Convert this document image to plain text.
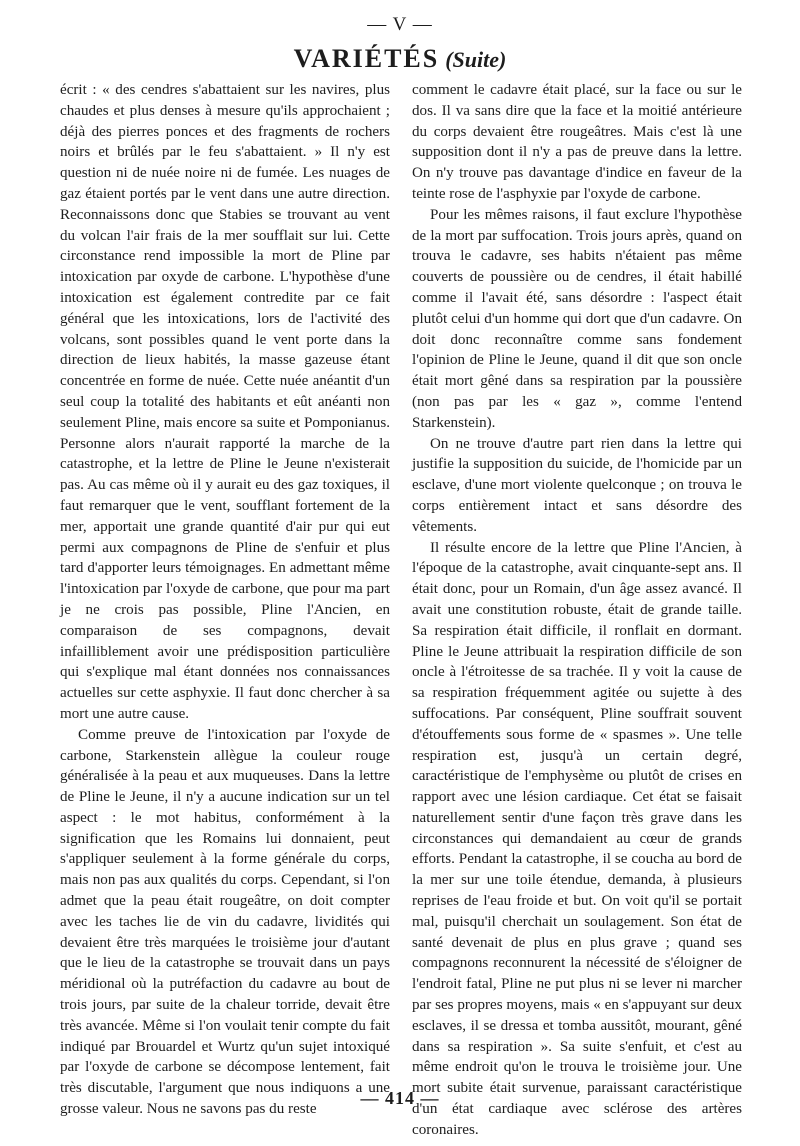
— V —
VARIÉTÉS (Suite)

écrit : « des cendres s'abattaient sur les navires, plus chaudes et plus denses à mesure qu'ils approchaient ; déjà des pierres ponces et des fragments de rochers noirs et brûlés par le feu s'abattaient. » Il n'y est question ni de nuée noire ni de fumée. Les nuages de gaz étaient portés par le vent dans une autre direction. Reconnaissons donc que Stabies se trouvant au vent du volcan l'air frais de la mer soufflait sur lui. Cette circonstance rend impossible la mort de Pline par intoxication par oxyde de carbone. L'hypothèse d'une intoxication est également contredite par ce fait général que les intoxications, lors de l'activité des volcans, sont possibles quand le vent porte dans la direction de lieux habités, la masse gazeuse étant concentrée en forme de nuée. Cette nuée anéantit d'un seul coup la totalité des habitants et eût anéanti non seulement Pline, mais encore sa suite et Pomponianus. Personne alors n'aurait rapporté la marche de la catastrophe, et la lettre de Pline le Jeune n'existerait pas. Au cas même où il y aurait eu des gaz toxiques, il faut remarquer que le vent, soufflant fortement de la mer, apportait une grande quantité d'air pur qui eut permi aux compagnons de Pline de s'enfuir et plus tard d'apporter leurs témoignages. En admettant même l'intoxication par l'oxyde de carbone, que pour ma part je ne crois pas possible, Pline l'Ancien, en comparaison de ses compagnons, devait infailliblement avoir une prédisposition particulière qui s'explique mal étant données nos connaissances actuelles sur cette asphyxie. Il faut donc chercher à sa mort une autre cause.

Comme preuve de l'intoxication par l'oxyde de carbone, Starkenstein allègue la couleur rouge généralisée à la peau et aux muqueuses. Dans la lettre de Pline le Jeune, il n'y a aucune indication sur un tel aspect : le mot habitus, conformément à la signification que les Romains lui donnaient, peut s'appliquer seulement à la forme générale du corps, mais non pas aux qualités du corps. Cependant, si l'on admet que la peau était rougeâtre, on doit compter avec les taches lie de vin du cadavre, lividités qui devaient être très marquées le troisième jour d'autant que le lieu de la catastrophe se trouvait dans un pays méridional où la putréfaction du cadavre au bout de trois jours, par suite de la chaleur torride, devait être très avancée. Même si l'on voulait tenir compte du fait indiqué par Brouardel et Wurtz qu'un sujet intoxiqué par l'oxyde de carbone se décompose lentement, fait très discutable, l'argument que nous indiquons a une grosse valeur. Nous ne savons pas du reste

comment le cadavre était placé, sur la face ou sur le dos. Il va sans dire que la face et la moitié antérieure du corps devaient être rougeâtres. Mais c'est là une supposition dont il n'y a pas de preuve dans la lettre. On n'y trouve pas davantage d'indice en faveur de la teinte rose de l'asphyxie par l'oxyde de carbone.

Pour les mêmes raisons, il faut exclure l'hypothèse de la mort par suffocation. Trois jours après, quand on trouva le cadavre, ses habits n'étaient pas même couverts de poussière ou de cendres, il était habillé comme il l'avait été, sans désordre : l'aspect était plutôt celui d'un homme qui dort que d'un cadavre. On doit donc reconnaître comme sans fondement l'opinion de Pline le Jeune, quand il dit que son oncle était mort gêné dans sa respiration par la poussière (non pas par les « gaz », comme l'entend Starkenstein).

On ne trouve d'autre part rien dans la lettre qui justifie la supposition du suicide, de l'homicide par un esclave, d'une mort violente quelconque ; on trouva le corps entièrement intact et sans désordre des vêtements.

Il résulte encore de la lettre que Pline l'Ancien, à l'époque de la catastrophe, avait cinquante-sept ans. Il était donc, pour un Romain, d'un âge assez avancé. Il avait une constitution robuste, était de grande taille. Sa respiration était difficile, il ronflait en dormant. Pline le Jeune attribuait la respiration difficile de son oncle à l'étroitesse de sa trachée. Il y voit la cause de sa respiration fréquemment agitée ou sujette à des suffocations. Par conséquent, Pline souffrait souvent d'étouffements sous forme de « spasmes ». Une telle respiration est, jusqu'à un certain degré, caractéristique de l'emphysème ou plutôt de crises en rapport avec une lésion cardiaque. Cet état se faisait naturellement sentir d'une façon très grave dans les circonstances qui demandaient au cœur de grands efforts. Pendant la catastrophe, il se coucha au bord de la mer sur une toile étendue, demanda, à plusieurs reprises de l'eau froide et but. On voit qu'il se portait mal, puisqu'il cherchait un soulagement. Son état de santé devenait de plus en plus grave ; quand ses compagnons reconnurent la nécessité de s'éloigner de l'endroit fatal, Pline ne put plus ni se lever ni marcher par ses propres moyens, mais « en s'appuyant sur deux esclaves, il se dressa et tomba aussitôt, mourant, gêné dans sa respiration ». Sa suite s'enfuit, et c'est au même endroit qu'on le trouva le troisième jour. Une mort subite était survenue, paraissant caractéristique d'un état cardiaque avec sclérose des artères coronaires.

— 414 —
